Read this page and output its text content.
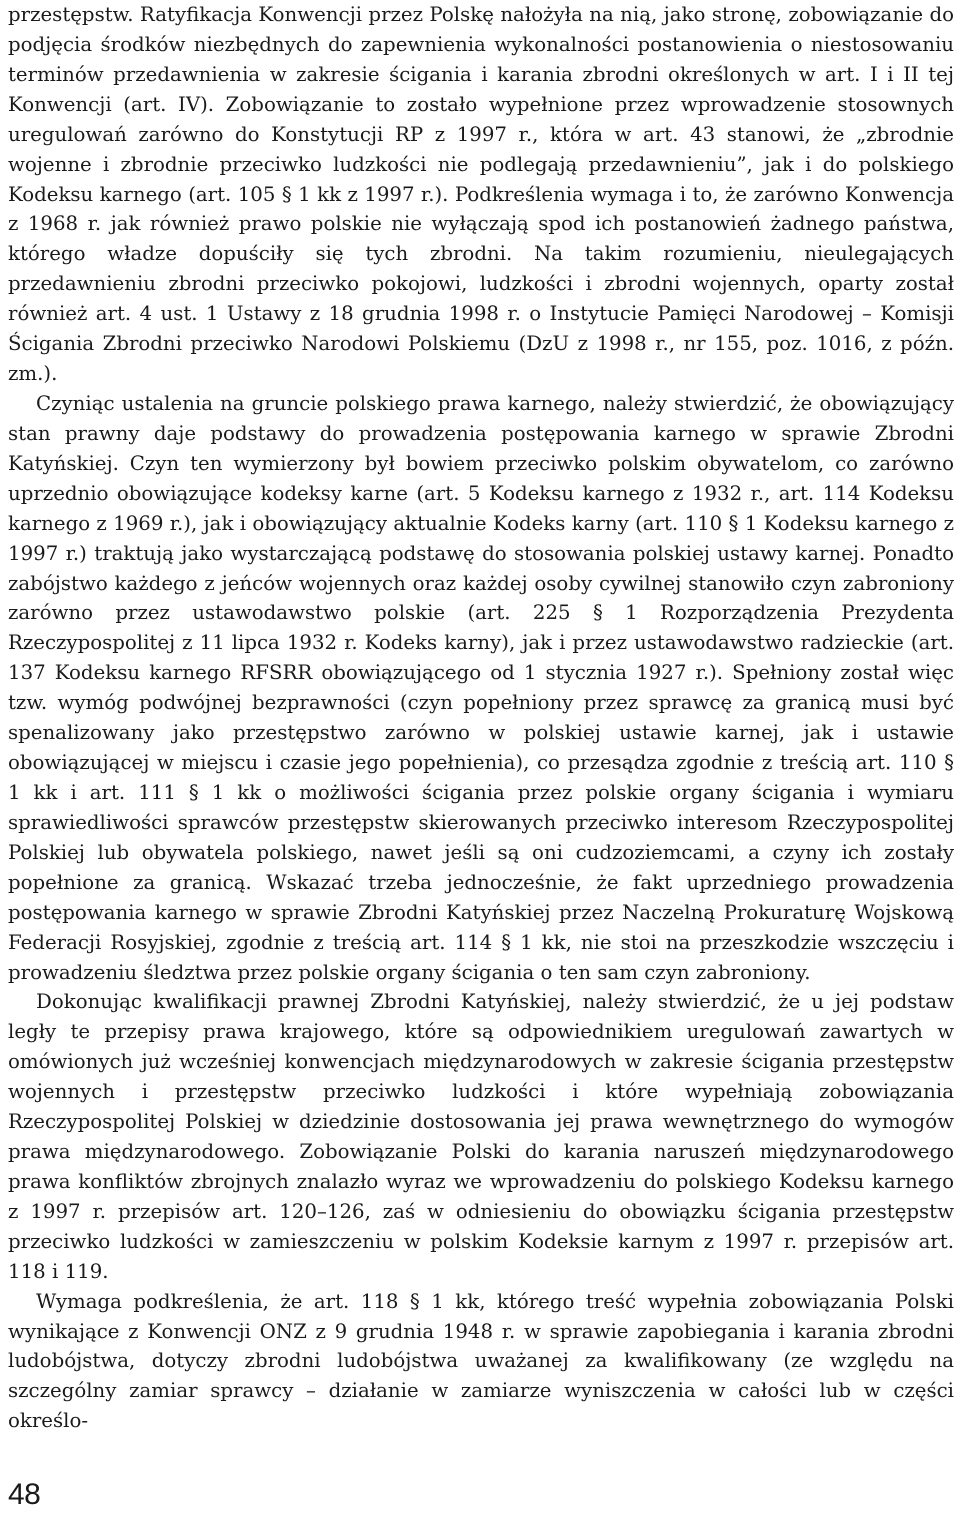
przestępstw. Ratyfikacja Konwencji przez Polskę nałożyła na nią, jako stronę, zobowiązanie do podjęcia środków niezbędnych do zapewnienia wykonalności postanowienia o niestosowaniu terminów przedawnienia w zakresie ścigania i karania zbrodni określonych w art. I i II tej Konwencji (art. IV). Zobowiązanie to zostało wypełnione przez wprowadzenie stosownych uregulowań zarówno do Konstytucji RP z 1997 r., która w art. 43 stanowi, że „zbrodnie wojenne i zbrodnie przeciwko ludzkości nie podlegają przedawnieniu”, jak i do polskiego Kodeksu karnego (art. 105 § 1 kk z 1997 r.). Podkreślenia wymaga i to, że zarówno Konwencja z 1968 r. jak również prawo polskie nie wyłączają spod ich postanowień żadnego państwa, którego władze dopuściły się tych zbrodni. Na takim rozumieniu, nieulegających przedawnieniu zbrodni przeciwko pokojowi, ludzkości i zbrodni wojennych, oparty został również art. 4 ust. 1 Ustawy z 18 grudnia 1998 r. o Instytucie Pamięci Narodowej – Komisji Ścigania Zbrodni przeciwko Narodowi Polskiemu (DzU z 1998 r., nr 155, poz. 1016, z późn. zm.).

Czyniąc ustalenia na gruncie polskiego prawa karnego, należy stwierdzić, że obowiązujący stan prawny daje podstawy do prowadzenia postępowania karnego w sprawie Zbrodni Katyńskiej. Czyn ten wymierzony był bowiem przeciwko polskim obywatelom, co zarówno uprzednio obowiązujące kodeksy karne (art. 5 Kodeksu karnego z 1932 r., art. 114 Kodeksu karnego z 1969 r.), jak i obowiązujący aktualnie Kodeks karny (art. 110 § 1 Kodeksu karnego z 1997 r.) traktują jako wystarczającą podstawę do stosowania polskiej ustawy karnej. Ponadto zabójstwo każdego z jeńców wojennych oraz każdej osoby cywilnej stanowiło czyn zabroniony zarówno przez ustawodawstwo polskie (art. 225 § 1 Rozporządzenia Prezydenta Rzeczypospolitej z 11 lipca 1932 r. Kodeks karny), jak i przez ustawodawstwo radzieckie (art. 137 Kodeksu karnego RFSRR obowiązującego od 1 stycznia 1927 r.). Spełniony został więc tzw. wymóg podwójnej bezprawności (czyn popełniony przez sprawcę za granicą musi być spenalizowany jako przestępstwo zarówno w polskiej ustawie karnej, jak i ustawie obowiązującej w miejscu i czasie jego popełnienia), co przesądza zgodnie z treścią art. 110 § 1 kk i art. 111 § 1 kk o możliwości ścigania przez polskie organy ścigania i wymiaru sprawiedliwości sprawców przestępstw skierowanych przeciwko interesom Rzeczypospolitej Polskiej lub obywatela polskiego, nawet jeśli są oni cudzoziemcami, a czyny ich zostały popełnione za granicą. Wskazać trzeba jednocześnie, że fakt uprzedniego prowadzenia postępowania karnego w sprawie Zbrodni Katyńskiej przez Naczelną Prokuraturę Wojskową Federacji Rosyjskiej, zgodnie z treścią art. 114 § 1 kk, nie stoi na przeszkodzie wszczęciu i prowadzeniu śledztwa przez polskie organy ścigania o ten sam czyn zabroniony.

Dokonując kwalifikacji prawnej Zbrodni Katyńskiej, należy stwierdzić, że u jej podstaw legły te przepisy prawa krajowego, które są odpowiednikiem uregulowań zawartych w omówionych już wcześniej konwencjach międzynarodowych w zakresie ścigania przestępstw wojennych i przestępstw przeciwko ludzkości i które wypełniają zobowiązania Rzeczypospolitej Polskiej w dziedzinie dostosowania jej prawa wewnętrznego do wymogów prawa międzynarodowego. Zobowiązanie Polski do karania naruszeń międzynarodowego prawa konfliktów zbrojnych znalazło wyraz we wprowadzeniu do polskiego Kodeksu karnego z 1997 r. przepisów art. 120–126, zaś w odniesieniu do obowiązku ścigania przestępstw przeciwko ludzkości w zamieszczeniu w polskim Kodeksie karnym z 1997 r. przepisów art. 118 i 119.

Wymaga podkreślenia, że art. 118 § 1 kk, którego treść wypełnia zobowiązania Polski wynikające z Konwencji ONZ z 9 grudnia 1948 r. w sprawie zapobiegania i karania zbrodni ludobójstwa, dotyczy zbrodni ludobójstwa uważanej za kwalifikowany (ze względu na szczególny zamiar sprawcy – działanie w zamiarze wyniszczenia w całości lub w części określo-

48
